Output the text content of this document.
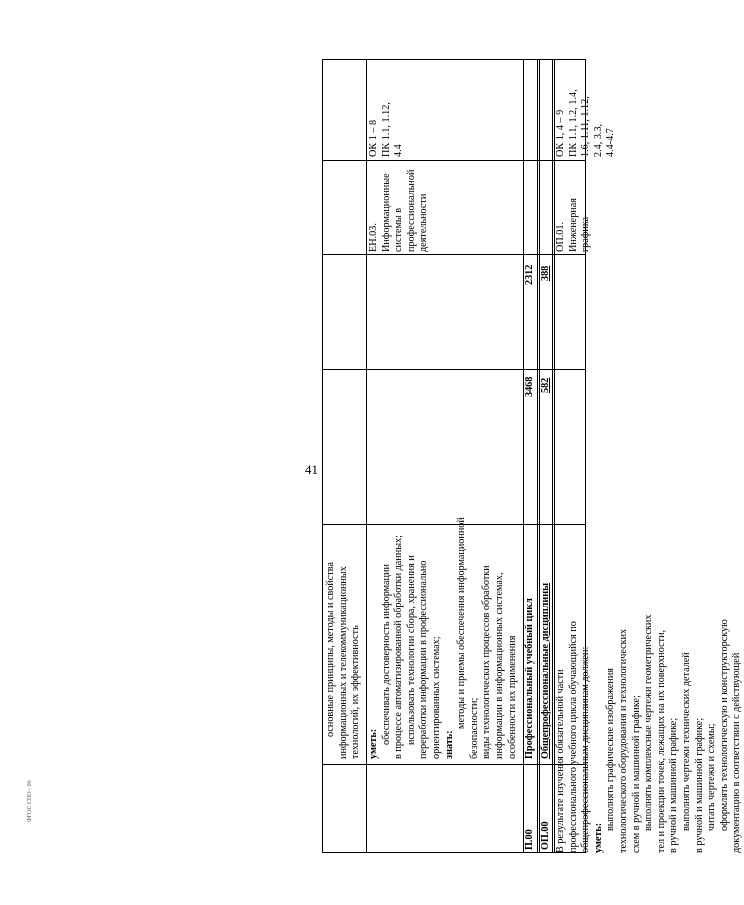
41
ФГОС СПО - 06

основные принципы, методы и свойства информационных и телекоммуникационных технологий, их эффективность уметь: обеспечивать достоверность информации в процессе автоматизированной обработки данных; использовать технологии сбора, хранения и переработки информации в профессионально ориентированных системах; знать:

методы и приемы обеспечения информационной безопасности; виды технологических процессов обработки информации в информационных системах, особенности их применения

ЕН.03. Информационные системы в профессиональной деятельности

ОК 1 – 8 ПК 1.1, 1.12, 4.4

П.00
Профессиональный учебный цикл
3468
2312
ОП.00
Общепрофессиональные дисциплины
582
388

В результате изучения обязательной части профессионального учебного цикла обучающийся по общепрофессиональным дисциплинам должен: уметь:

выполнять графические изображения технологического оборудования и технологических схем в ручной и машинной графике; выполнять комплексные чертежи геометрических тел и проекции точек, лежащих на их поверхности, в ручной и машинной графике; выполнять чертежи технических деталей в ручной и машинной графике; читать чертежи и схемы; оформлять технологическую и конструкторскую документацию в соответствии с действующей

ОП.01. Инженерная графика

ОК 1, 4 – 9 ПК 1.1, 1.2, 1.4, 1.6, 1.11, 1.12, 2.4, 3.3, 4.4-4.7
